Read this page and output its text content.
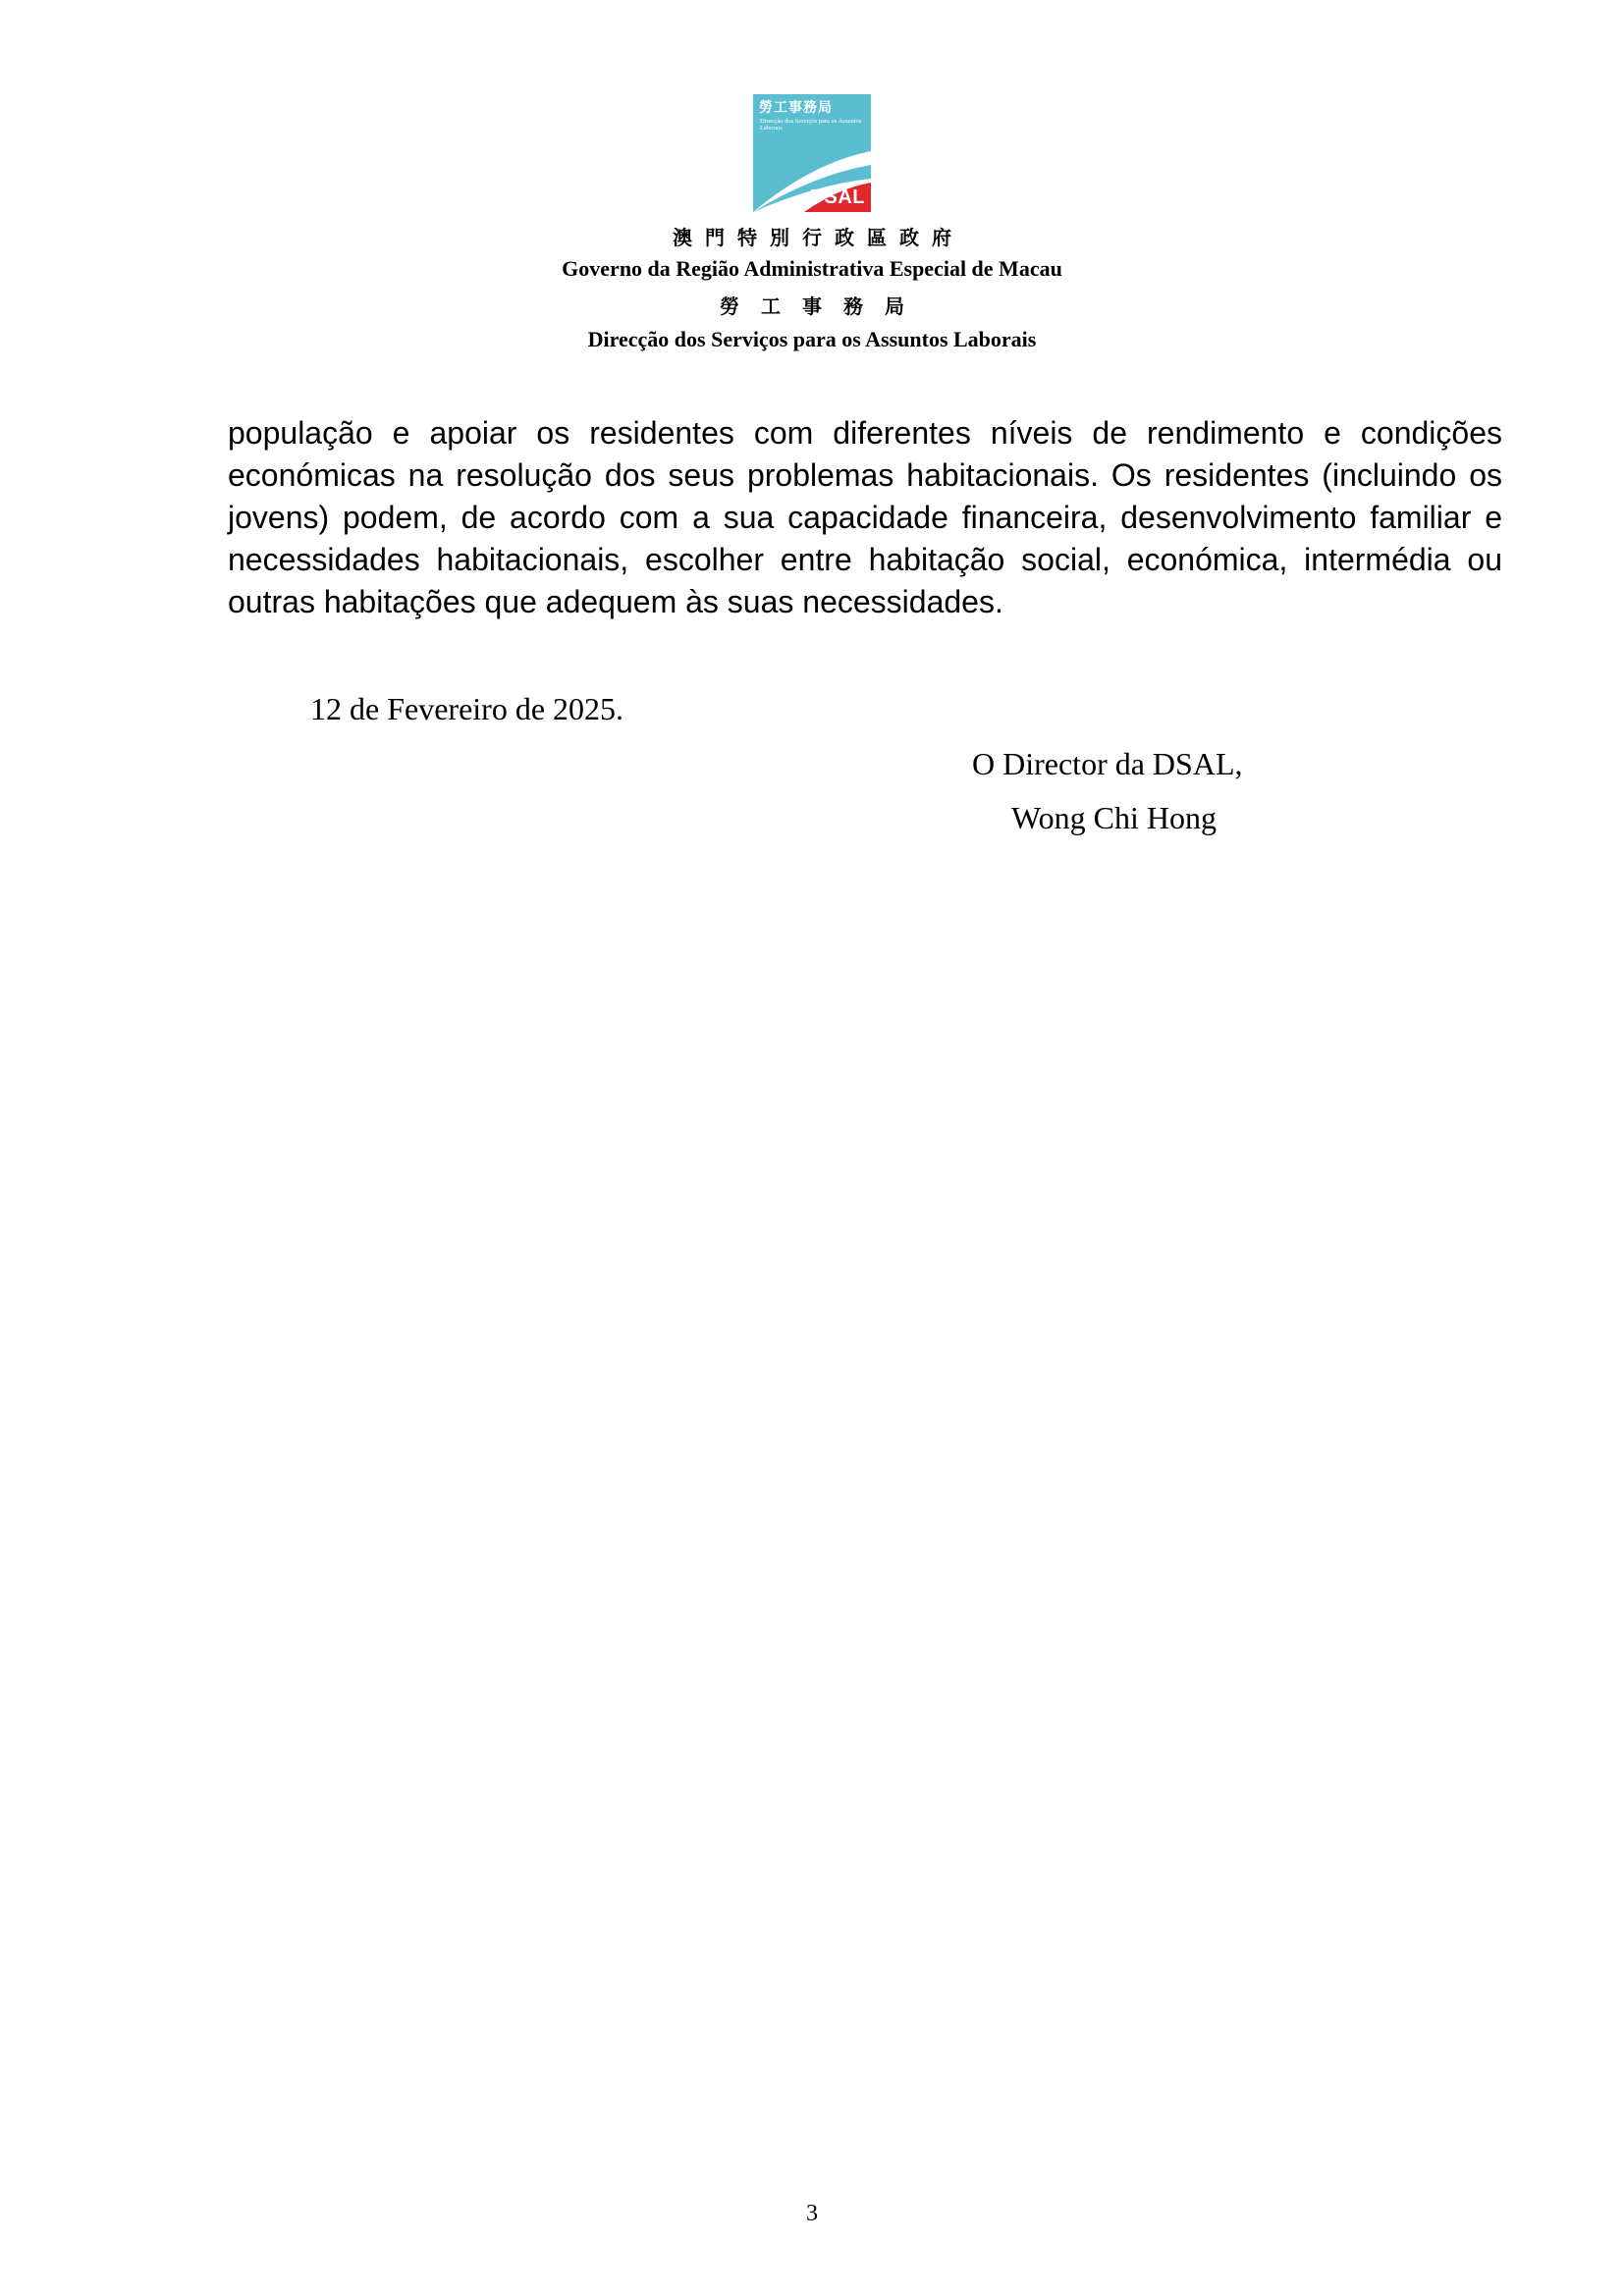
勞工事務局
Direcção dos Serviços para os Assuntos Laborais
DSAL
澳門特別行政區政府
Governo da Região Administrativa Especial de Macau
勞工事務局
Direcção dos Serviços para os Assuntos Laborais

população e apoiar os residentes com diferentes níveis de rendimento e condições económicas na resolução dos seus problemas habitacionais. Os residentes (incluindo os jovens) podem, de acordo com a sua capacidade financeira, desenvolvimento familiar e necessidades habitacionais, escolher entre habitação social, económica, intermédia ou outras habitações que adequem às suas necessidades.

12 de Fevereiro de 2025.
O Director da DSAL,
Wong Chi Hong
3
